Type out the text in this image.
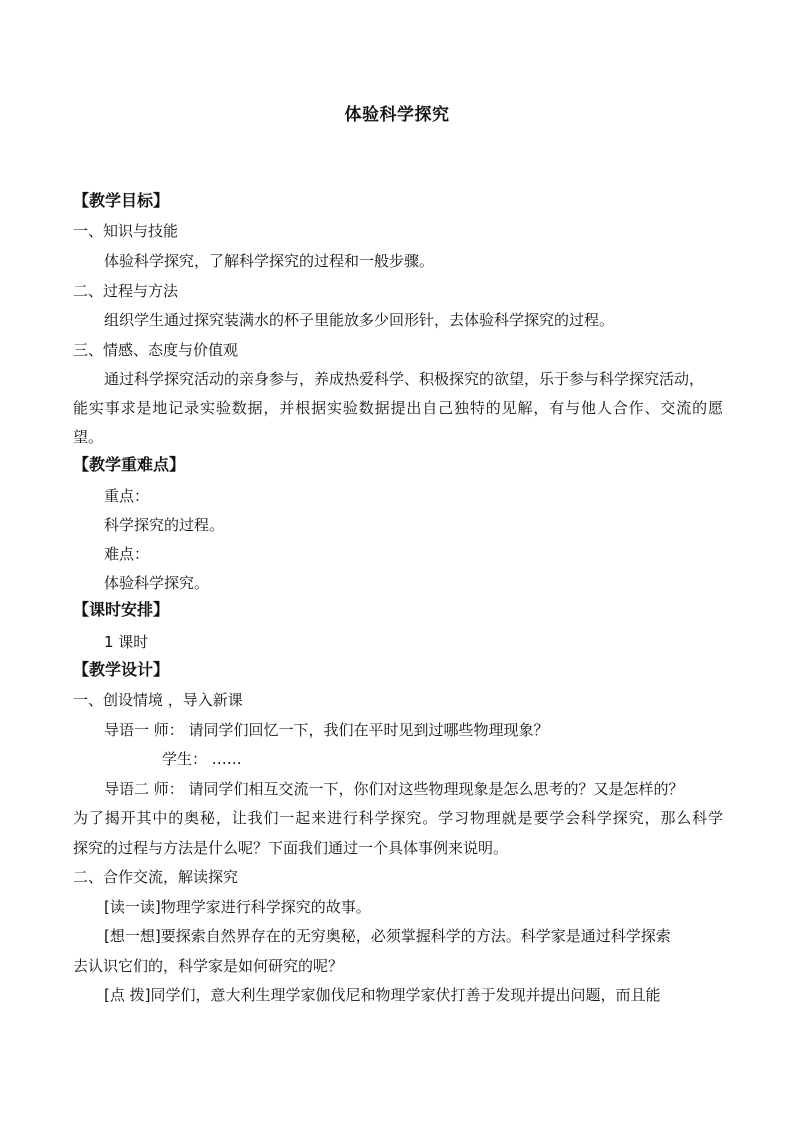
体验科学探究
【教学目标】
一、知识与技能
体验科学探究，了解科学探究的过程和一般步骤。
二、过程与方法
组织学生通过探究装满水的杯子里能放多少回形针，去体验科学探究的过程。
三、情感、态度与价值观
通过科学探究活动的亲身参与，养成热爱科学、积极探究的欲望，乐于参与科学探究活动，
能实事求是地记录实验数据，并根据实验数据提出自己独特的见解，有与他人合作、交流的愿
望。
【教学重难点】
重点：
科学探究的过程。
难点：
体验科学探究。
【课时安排】
1 课时
【教学设计】
一、创设情境 ，导入新课
导语一 师： 请同学们回忆一下，我们在平时见到过哪些物理现象？
学生： ……
导语二 师： 请同学们相互交流一下，你们对这些物理现象是怎么思考的？又是怎样的？
为了揭开其中的奥秘，让我们一起来进行科学探究。学习物理就是要学会科学探究，那么科学
探究的过程与方法是什么呢？下面我们通过一个具体事例来说明。
二、合作交流，解读探究
[读一读]物理学家进行科学探究的故事。
[想一想]要探索自然界存在的无穷奥秘，必须掌握科学的方法。科学家是通过科学探索
去认识它们的，科学家是如何研究的呢？
[点 拨]同学们，意大利生理学家伽伐尼和物理学家伏打善于发现并提出问题，而且能
